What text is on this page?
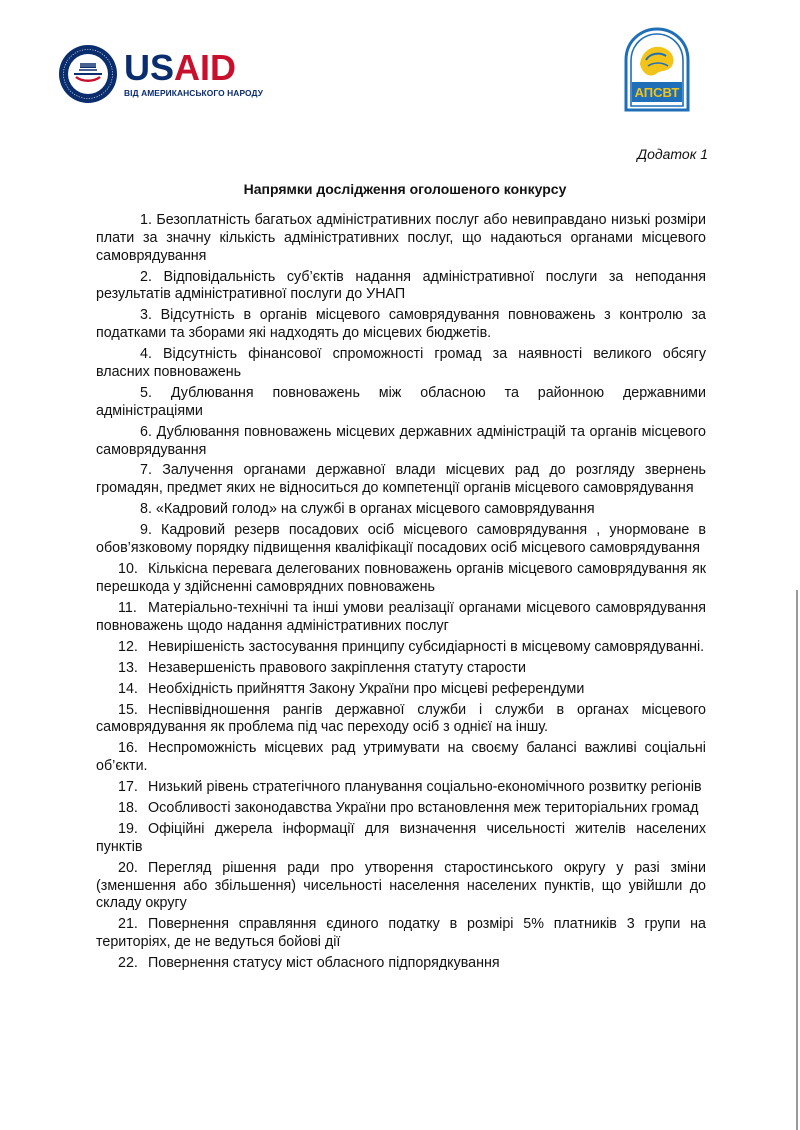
USAID
ВІД АМЕРИКАНСЬКОГО НАРОДУ	АПСВТ
Додаток 1
Напрямки дослідження оголошеного конкурсу
1. Безоплатність багатьох адміністративних послуг або невиправдано низькі розміри плати за значну кількість адміністративних послуг, що надаються органами місцевого самоврядування
2. Відповідальність суб’єктів надання адміністративної послуги за неподання результатів адміністративної послуги до УНАП
3. Відсутність в органів місцевого самоврядування повноважень з контролю за податками та зборами які надходять до місцевих бюджетів.
4. Відсутність фінансової спроможності громад за наявності великого обсягу власних повноважень
5. Дублювання повноважень між обласною та районною державними адміністраціями
6. Дублювання повноважень місцевих державних адміністрацій та органів місцевого самоврядування
7. Залучення органами державної влади місцевих рад до розгляду звернень громадян, предмет яких не відноситься до компетенції органів місцевого самоврядування
8. «Кадровий голод» на службі в органах місцевого самоврядування
9. Кадровий резерв посадових осіб місцевого самоврядування , унормоване в обов’язковому порядку підвищення кваліфікації посадових осіб місцевого самоврядування
10. Кількісна перевага делегованих повноважень органів місцевого самоврядування як перешкода у здійсненні самоврядних повноважень
11. Матеріально-технічні та інші умови реалізації органами місцевого самоврядування повноважень щодо надання адміністративних послуг
12. Невирішеність застосування принципу субсидіарності в місцевому самоврядуванні.
13. Незавершеність правового закріплення статуту старости
14. Необхідність прийняття Закону України про місцеві референдуми
15. Неспіввідношення рангів державної служби і служби в органах місцевого самоврядування як проблема під час переходу осіб з однієї на іншу.
16. Неспроможність місцевих рад утримувати на своєму балансі важливі соціальні об’єкти.
17. Низький рівень стратегічного планування соціально-економічного розвитку регіонів
18. Особливості законодавства України про встановлення меж територіальних громад
19. Офіційні джерела інформації для визначення чисельності жителів населених пунктів
20. Перегляд рішення ради про утворення старостинського округу у разі зміни (зменшення або збільшення) чисельності населення населених пунктів, що увійшли до складу округу
21. Повернення справляння єдиного податку в розмірі 5% платників 3 групи на територіях, де не ведуться бойові дії
22. Повернення статусу міст обласного підпорядкування
